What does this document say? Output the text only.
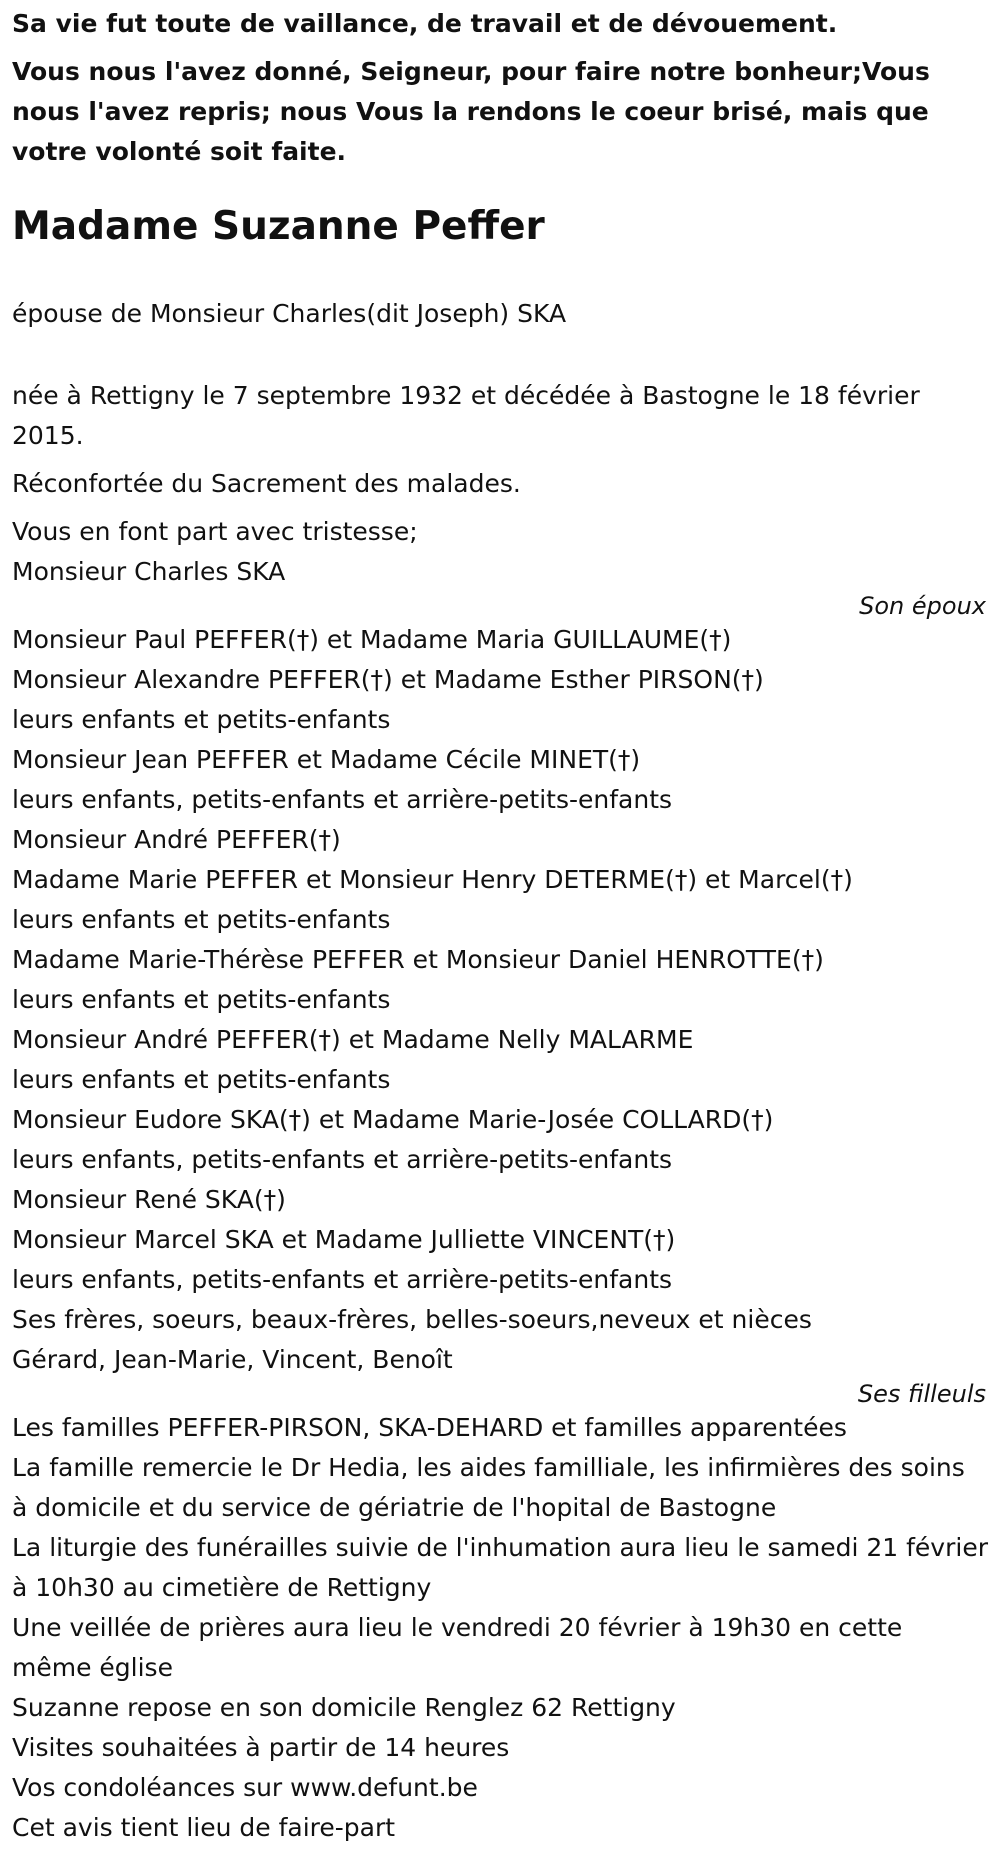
Sa vie fut toute de vaillance, de travail et de dévouement.

Vous nous l'avez donné, Seigneur, pour faire notre bonheur;Vous nous l'avez repris; nous Vous la rendons le coeur brisé, mais que votre volonté soit faite.

Madame Suzanne Peffer

épouse de Monsieur Charles(dit Joseph) SKA

née à Rettigny le 7 septembre 1932 et décédée à Bastogne le 18 février 2015.

Réconfortée du Sacrement des malades.

Vous en font part avec tristesse;

Monsieur Charles SKA

Son époux

Monsieur Paul PEFFER(†) et Madame Maria GUILLAUME(†)

Monsieur Alexandre PEFFER(†) et Madame Esther PIRSON(†)

leurs enfants et petits-enfants

Monsieur Jean PEFFER et Madame Cécile MINET(†)

leurs enfants, petits-enfants et arrière-petits-enfants

Monsieur André PEFFER(†)

Madame Marie PEFFER et Monsieur Henry DETERME(†) et Marcel(†)

leurs enfants et petits-enfants

Madame Marie-Thérèse PEFFER et Monsieur Daniel HENROTTE(†)

leurs enfants et petits-enfants

Monsieur André PEFFER(†) et Madame Nelly MALARME

leurs enfants et petits-enfants

Monsieur Eudore SKA(†) et Madame Marie-Josée COLLARD(†)

leurs enfants, petits-enfants et arrière-petits-enfants

Monsieur René SKA(†)

Monsieur Marcel SKA et Madame Julliette VINCENT(†)

leurs enfants, petits-enfants et arrière-petits-enfants

Ses frères, soeurs, beaux-frères, belles-soeurs,neveux et nièces

Gérard, Jean-Marie, Vincent, Benoît

Ses filleuls

Les familles PEFFER-PIRSON, SKA-DEHARD et familles apparentées

La famille remercie le Dr Hedia, les aides familliale, les infirmières des soins à domicile et du service de gériatrie de l'hopital de Bastogne

La liturgie des funérailles suivie de l'inhumation aura lieu le samedi 21 février à 10h30 au cimetière de Rettigny

Une veillée de prières aura lieu le vendredi 20 février à 19h30 en cette même église

Suzanne repose en son domicile Renglez 62 Rettigny

Visites souhaitées à partir de 14 heures

Vos condoléances sur www.defunt.be

Cet avis tient lieu de faire-part
